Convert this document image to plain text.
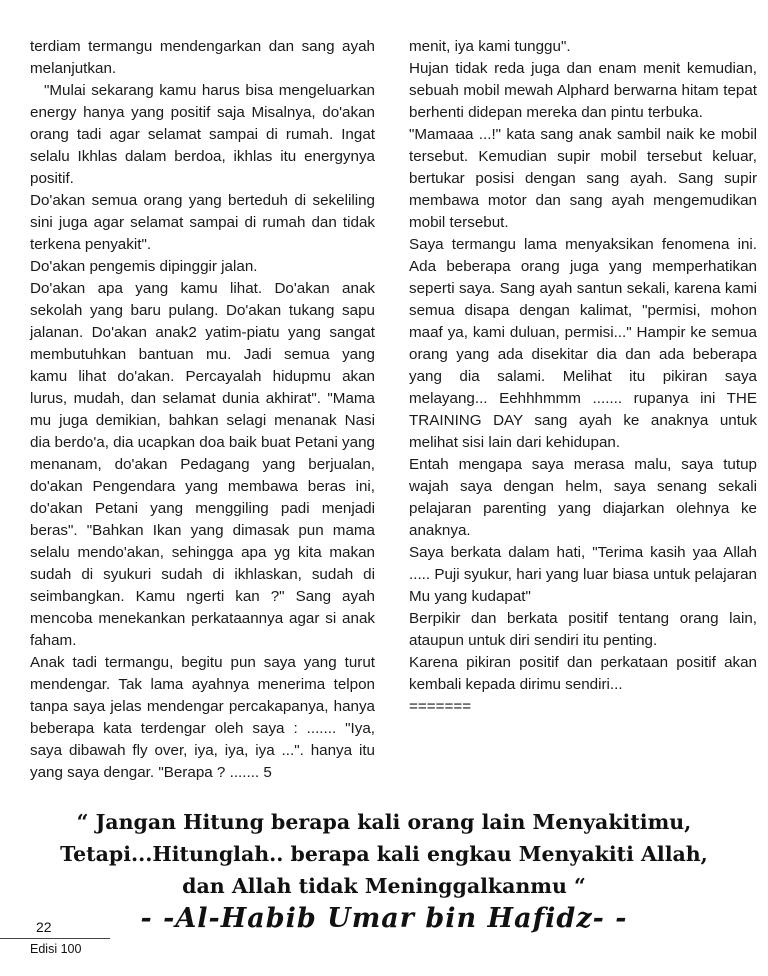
terdiam termangu mendengarkan dan sang ayah melanjutkan.

"Mulai sekarang kamu harus bisa mengeluarkan energy hanya yang positif saja Misalnya, do'akan orang tadi agar selamat sampai di rumah. Ingat selalu Ikhlas dalam berdoa, ikhlas itu energynya positif.

Do'akan semua orang yang berteduh di sekeliling sini juga agar selamat sampai di rumah dan tidak terkena penyakit".

Do'akan pengemis dipinggir jalan.

Do'akan apa yang kamu lihat. Do'akan anak sekolah yang baru pulang. Do'akan tukang sapu jalanan. Do'akan anak2 yatim-piatu yang sangat membutuhkan bantuan mu. Jadi semua yang kamu lihat do'akan. Percayalah hidupmu akan lurus, mudah, dan selamat dunia akhirat". "Mama mu juga demikian, bahkan selagi menanak Nasi dia berdo'a, dia ucapkan doa baik buat Petani yang menanam, do'akan Pedagang yang berjualan, do'akan Pengendara yang membawa beras ini, do'akan Petani yang menggiling padi menjadi beras". "Bahkan Ikan yang dimasak pun mama selalu mendo'akan, sehingga apa yg kita makan sudah di syukuri sudah di ikhlaskan, sudah di seimbangkan. Kamu ngerti kan ?" Sang ayah mencoba menekankan perkataannya agar si anak faham.

Anak tadi termangu, begitu pun saya yang turut mendengar. Tak lama ayahnya menerima telpon tanpa saya jelas mendengar percakapanya, hanya beberapa kata terdengar oleh saya : ....... "Iya, saya dibawah fly over, iya, iya, iya ...". hanya itu yang saya dengar. "Berapa ? ....... 5

menit, iya kami tunggu".

Hujan tidak reda juga dan enam menit kemudian, sebuah mobil mewah Alphard berwarna hitam tepat berhenti didepan mereka dan pintu terbuka.

"Mamaaa ...!" kata sang anak sambil naik ke mobil tersebut. Kemudian supir mobil tersebut keluar, bertukar posisi dengan sang ayah. Sang supir membawa motor dan sang ayah mengemudikan mobil tersebut.

Saya termangu lama menyaksikan fenomena ini. Ada beberapa orang juga yang memperhatikan seperti saya. Sang ayah santun sekali, karena kami semua disapa dengan kalimat, "permisi, mohon maaf ya, kami duluan, permisi..." Hampir ke semua orang yang ada disekitar dia dan ada beberapa yang dia salami. Melihat itu pikiran saya melayang... Eehhhmmm ....... rupanya ini THE TRAINING DAY sang ayah ke anaknya untuk melihat sisi lain dari kehidupan.

Entah mengapa saya merasa malu, saya tutup wajah saya dengan helm, saya senang sekali pelajaran parenting yang diajarkan olehnya ke anaknya.

Saya berkata dalam hati, "Terima kasih yaa Allah ..... Puji syukur, hari yang luar biasa untuk pelajaran Mu yang kudapat"

Berpikir dan berkata positif tentang orang lain, ataupun untuk diri sendiri itu penting.

Karena pikiran positif dan perkataan positif akan kembali kepada dirimu sendiri...

=======

“ Jangan Hitung berapa kali orang lain Menyakitimu,
Tetapi...Hitunglah.. berapa kali engkau Menyakiti Allah,
dan Allah tidak Meninggalkanmu “
- -Al-Habib Umar bin Hafidz- -
22
Edisi 100
